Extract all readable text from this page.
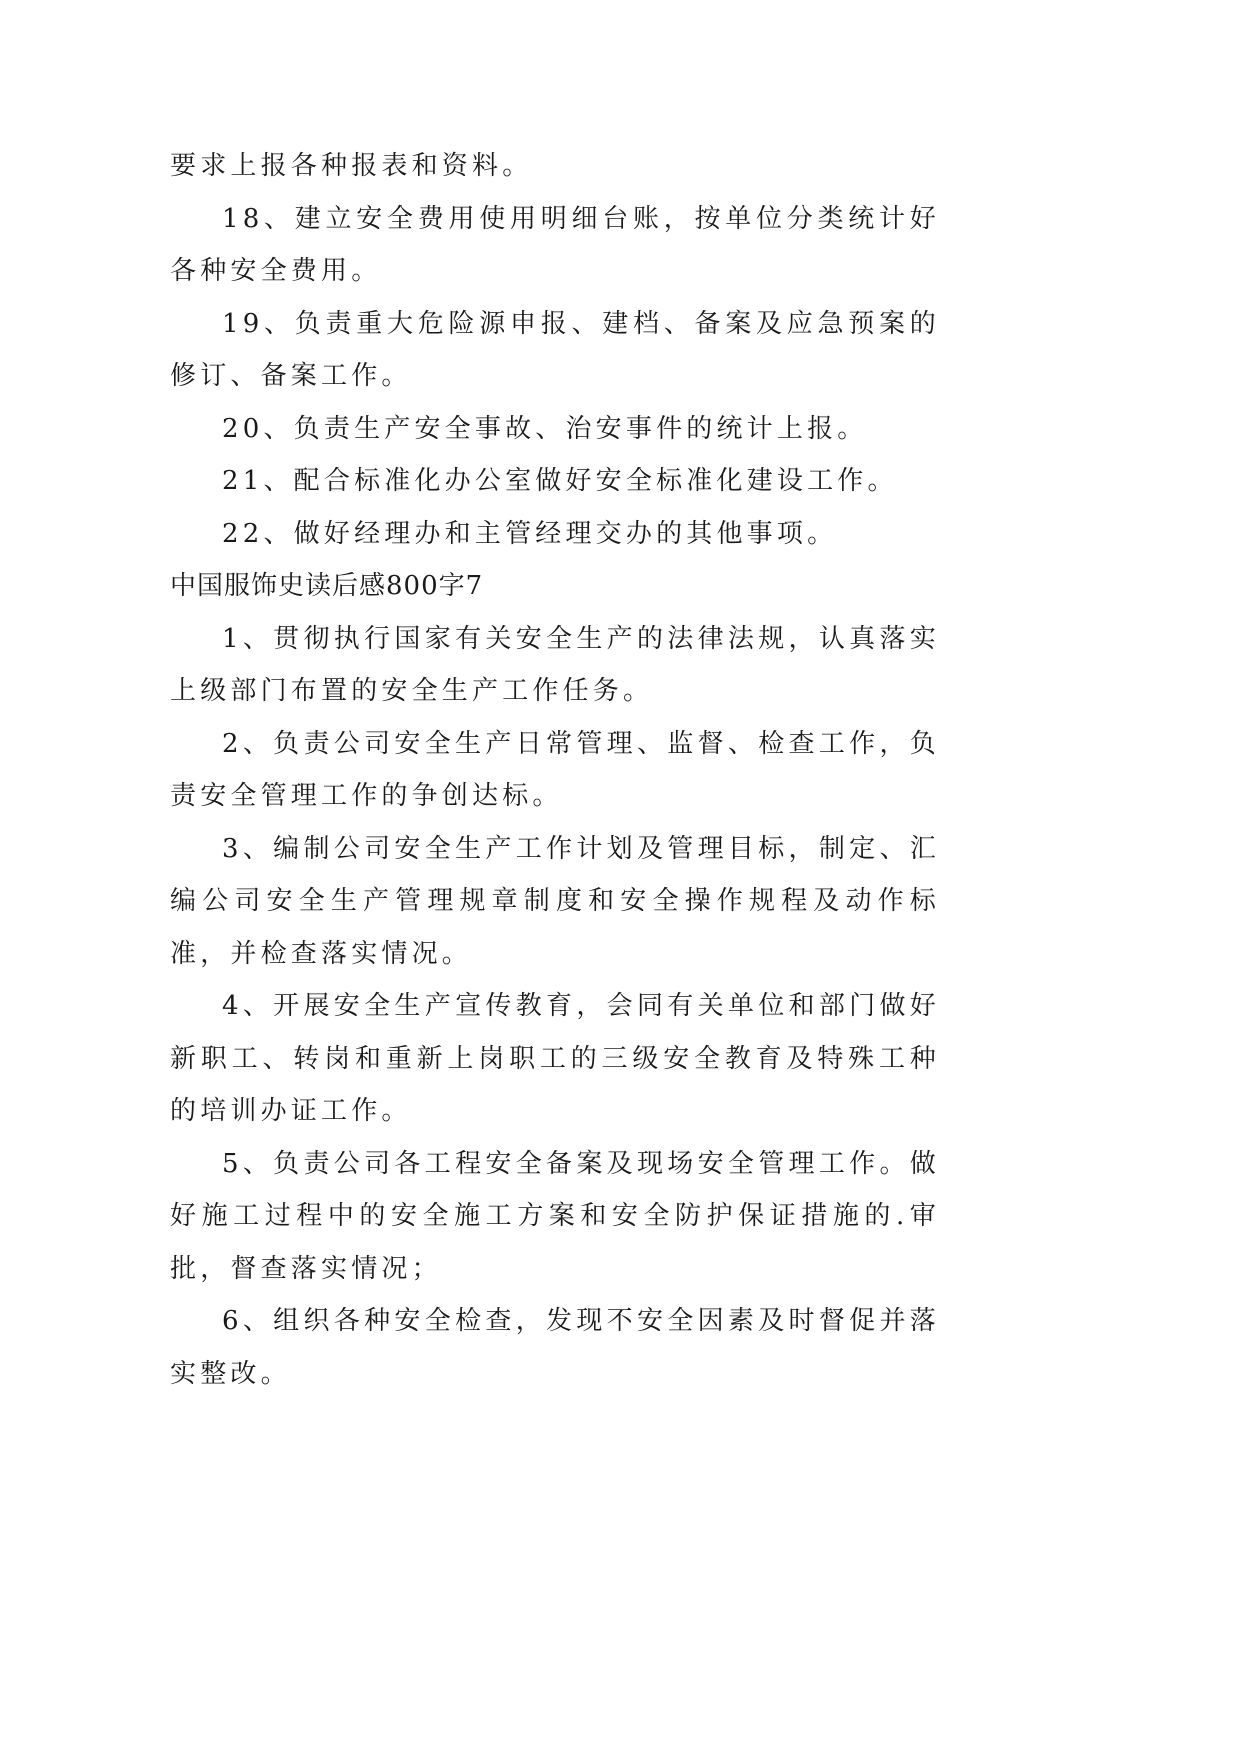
要求上报各种报表和资料。

18、建立安全费用使用明细台账，按单位分类统计好各种安全费用。

19、负责重大危险源申报、建档、备案及应急预案的修订、备案工作。

20、负责生产安全事故、治安事件的统计上报。

21、配合标准化办公室做好安全标准化建设工作。

22、做好经理办和主管经理交办的其他事项。

中国服饰史读后感800字7

1、贯彻执行国家有关安全生产的法律法规，认真落实上级部门布置的安全生产工作任务。

2、负责公司安全生产日常管理、监督、检查工作，负责安全管理工作的争创达标。

3、编制公司安全生产工作计划及管理目标，制定、汇编公司安全生产管理规章制度和安全操作规程及动作标准，并检查落实情况。

4、开展安全生产宣传教育，会同有关单位和部门做好新职工、转岗和重新上岗职工的三级安全教育及特殊工种的培训办证工作。

5、负责公司各工程安全备案及现场安全管理工作。做好施工过程中的安全施工方案和安全防护保证措施的.审批，督查落实情况；

6、组织各种安全检查，发现不安全因素及时督促并落实整改。
